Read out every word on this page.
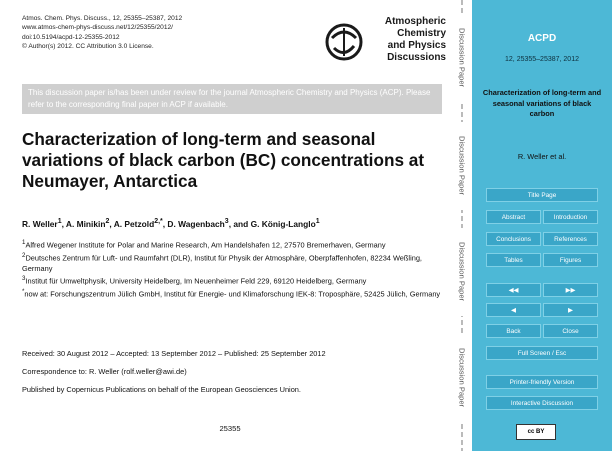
Atmos. Chem. Phys. Discuss., 12, 25355–25387, 2012
www.atmos-chem-phys-discuss.net/12/25355/2012/
doi:10.5194/acpd-12-25355-2012
© Author(s) 2012. CC Attribution 3.0 License.
Atmospheric
Chemistry
and Physics
Discussions
This discussion paper is/has been under review for the journal Atmospheric Chemistry and Physics (ACP). Please refer to the corresponding final paper in ACP if available.
Characterization of long-term and seasonal variations of black carbon (BC) concentrations at Neumayer, Antarctica
R. Weller$^1$, A. Minikin$^2$, A. Petzold$^{2,*}$, D. Wagenbach$^3$, and G. König-Langlo$^1$
$^1$Alfred Wegener Institute for Polar and Marine Research, Am Handelshafen 12, 27570 Bremerhaven, Germany
$^2$Deutsches Zentrum für Luft- und Raumfahrt (DLR), Institut für Physik der Atmosphäre, Oberpfaffenhofen, 82234 Weßling, Germany
$^3$Institut für Umweltphysik, University Heidelberg, Im Neuenheimer Feld 229, 69120 Heidelberg, Germany
*now at: Forschungszentrum Jülich GmbH, Institut für Energie- und Klimaforschung IEK-8: Troposphäre, 52425 Jülich, Germany
Received: 30 August 2012 – Accepted: 13 September 2012 – Published: 25 September 2012
Correspondence to: R. Weller (rolf.weller@awi.de)
Published by Copernicus Publications on behalf of the European Geosciences Union.
25355
Discussion Paper
Discussion Paper
Discussion Paper
Discussion Paper
ACPD
12, 25355–25387, 2012
Characterization of long-term and seasonal variations of black carbon
R. Weller et al.
Title Page
Abstract	Introduction
Conclusions	References
Tables	Figures
◀◀	▶▶
◀	▶
Back	Close
Full Screen / Esc
Printer-friendly Version
Interactive Discussion
cc BY
